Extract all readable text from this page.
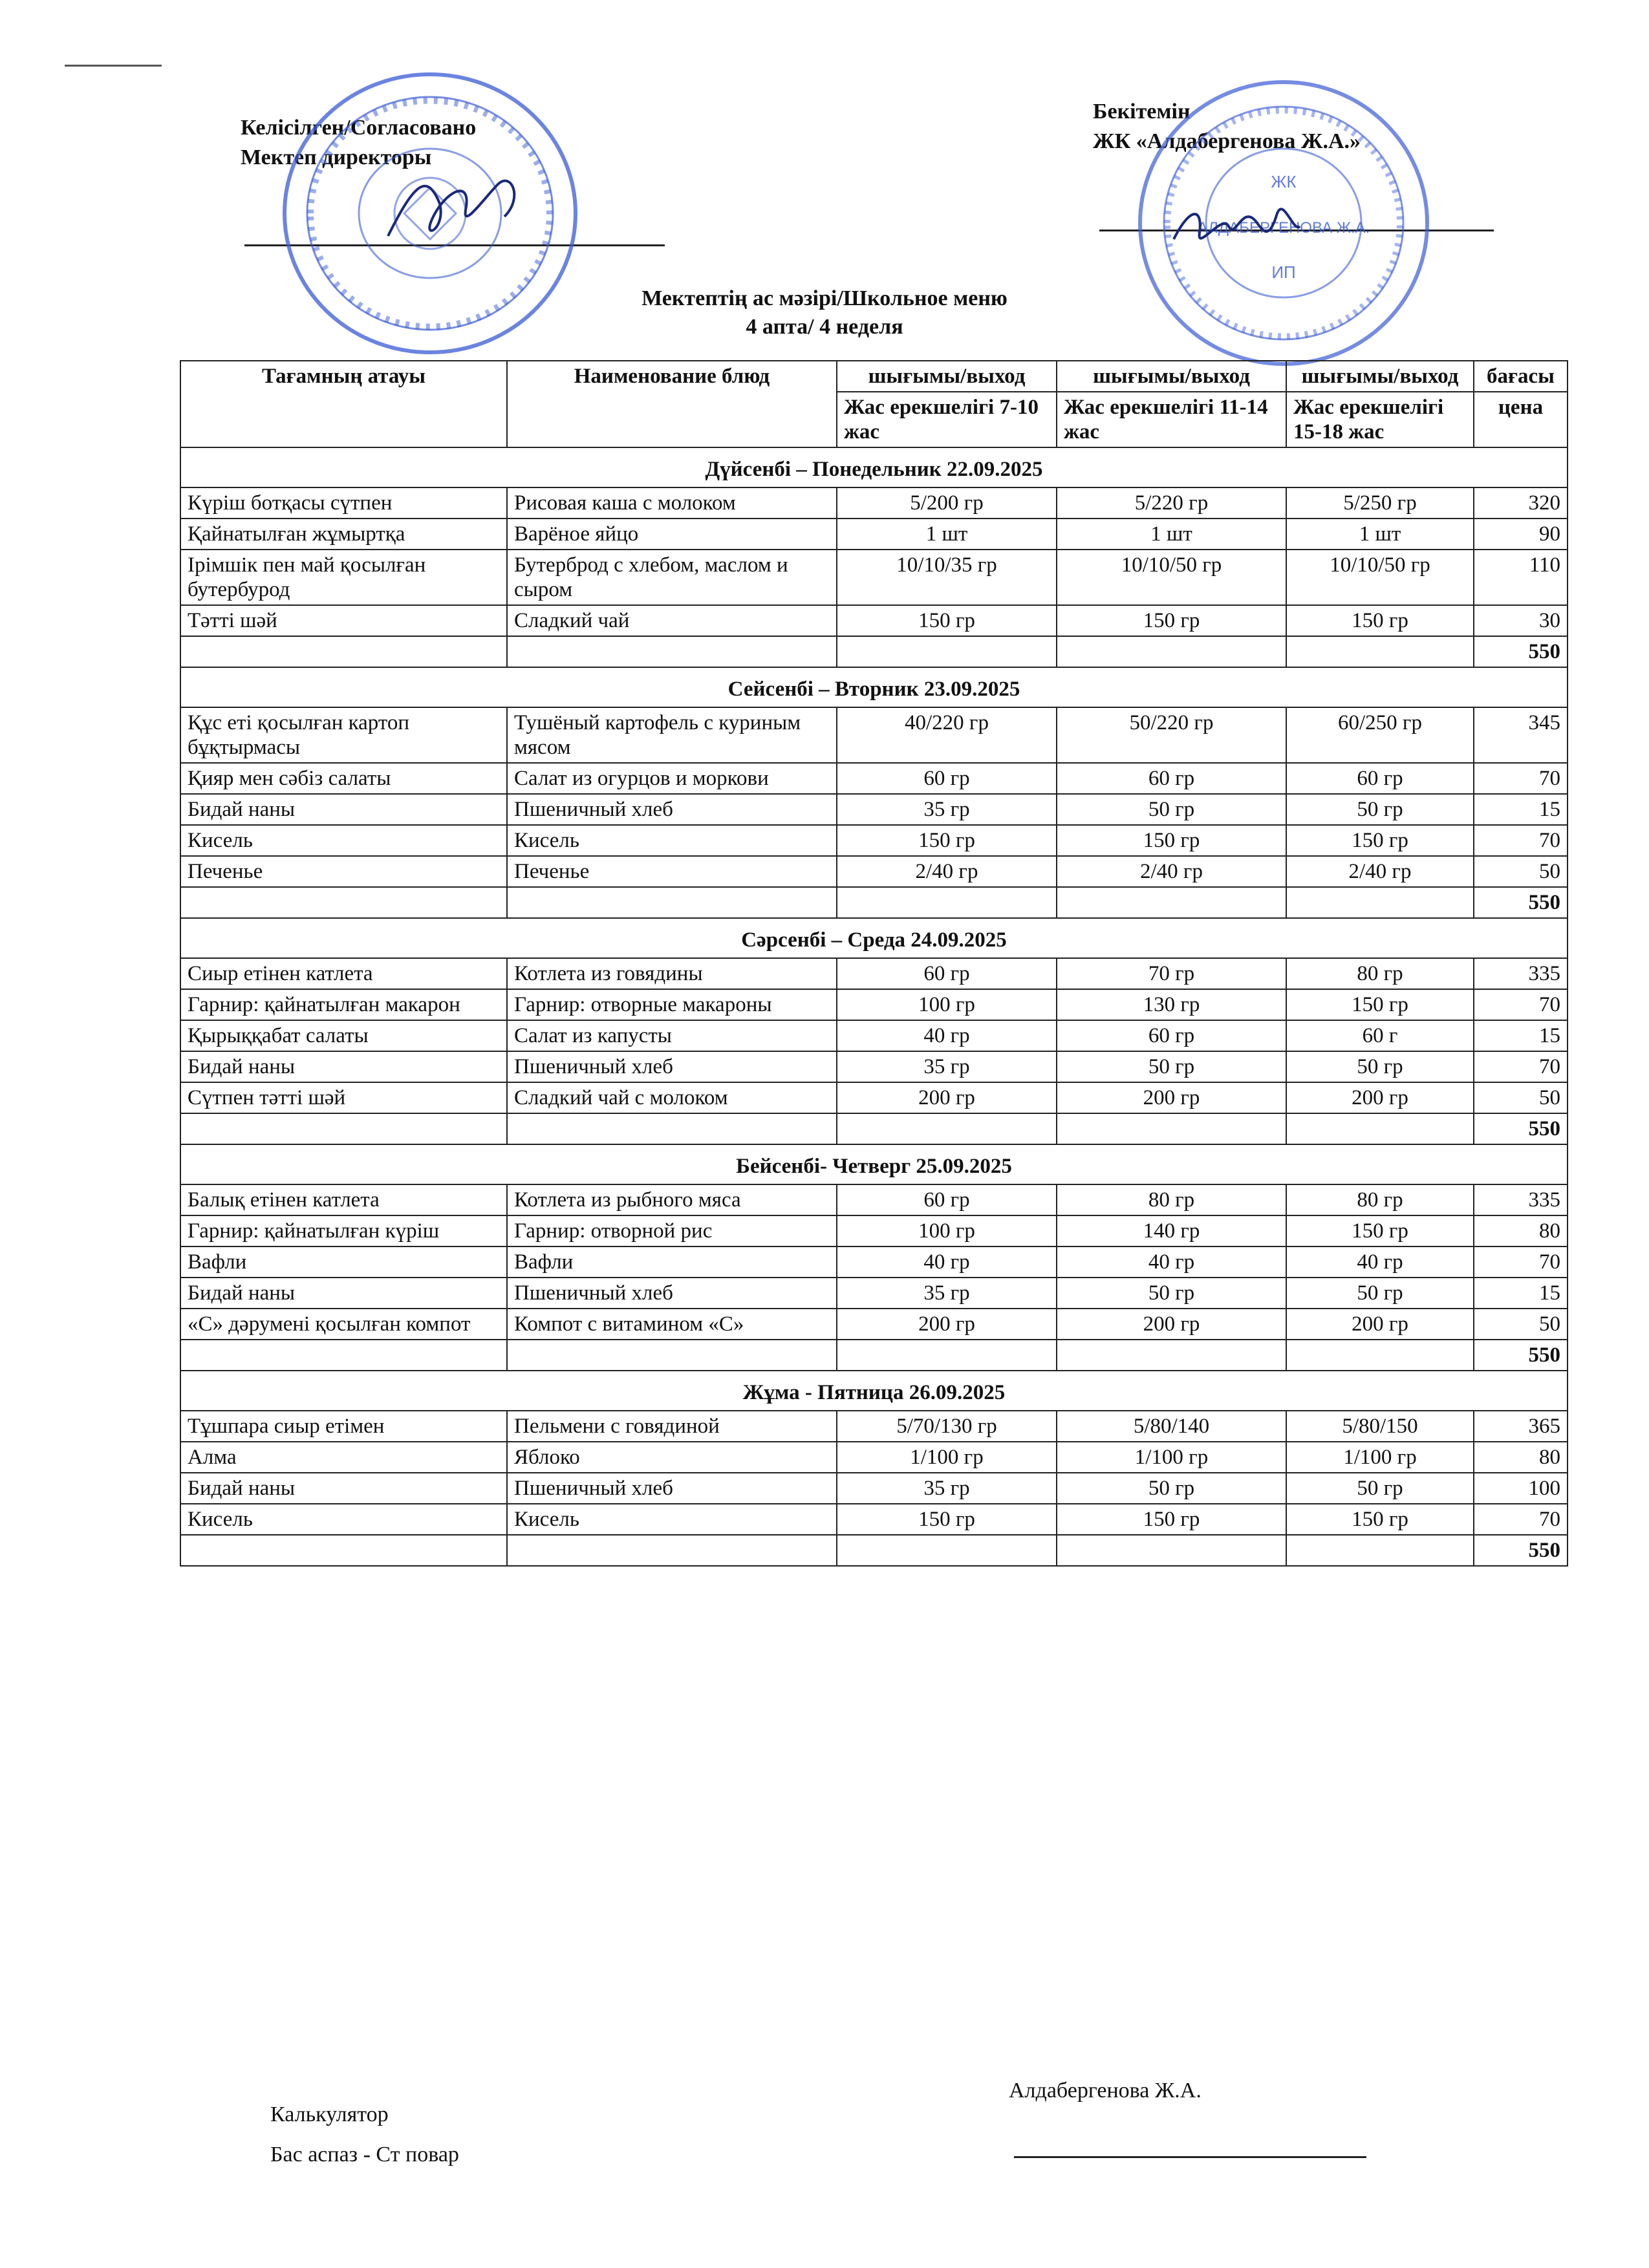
Келісілген/Согласовано
Мектеп директоры
Бекітемін
ЖК «Алдабергенова Ж.А.»
ЖК
АЛДАБЕРГЕНОВА Ж.А.
ИП
Мектептің ас мәзірі/Школьное меню
4 апта/ 4 неделя
Тағамның атауы	Наименование блюд	шығымы/выход	шығымы/выход	шығымы/выход	бағасы
		Жас ерекшелігі 7-10 жас	Жас ерекшелігі 11-14 жас	Жас ерекшелігі 15-18 жас	цена
Дүйсенбі – Понедельник 22.09.2025					
Күріш ботқасы сүтпен	Рисовая каша с молоком	5/200 гр	5/220 гр	5/250 гр	320
Қайнатылған жұмыртқа	Варёное яйцо	1 шт	1 шт	1 шт	90
Ірімшік пен май қосылған бутербурод	Бутерброд с хлебом, маслом и сыром	10/10/35 гр	10/10/50 гр	10/10/50 гр	110
Тәтті шәй	Сладкий чай	150 гр	150 гр	150 гр	30
					550
Сейсенбі – Вторник 23.09.2025					
Құс еті қосылған картоп бұқтырмасы	Тушёный картофель с куриным мясом	40/220 гр	50/220 гр	60/250 гр	345
Қияр мен сәбіз салаты	Салат из огурцов и моркови	60 гр	60 гр	60 гр	70
Бидай наны	Пшеничный хлеб	35 гр	50 гр	50 гр	15
Кисель	Кисель	150 гр	150 гр	150 гр	70
Печенье	Печенье	2/40 гр	2/40 гр	2/40 гр	50
					550
Сәрсенбі – Среда 24.09.2025					
Сиыр етінен катлета	Котлета из говядины	60 гр	70 гр	80 гр	335
Гарнир: қайнатылған макарон	Гарнир: отворные макароны	100 гр	130 гр	150 гр	70
Қырыққабат салаты	Салат из капусты	40 гр	60 гр	60 г	15
Бидай наны	Пшеничный хлеб	35 гр	50 гр	50 гр	70
Сүтпен тәтті шәй	Сладкий чай с молоком	200 гр	200 гр	200 гр	50
					550
Бейсенбі- Четверг 25.09.2025					
Балық етінен катлета	Котлета из рыбного мяса	60 гр	80 гр	80 гр	335
Гарнир: қайнатылған күріш	Гарнир: отворной рис	100 гр	140 гр	150 гр	80
Вафли	Вафли	40 гр	40 гр	40 гр	70
Бидай наны	Пшеничный хлеб	35 гр	50 гр	50 гр	15
«С» дәрумені қосылған компот	Компот с витамином «С»	200 гр	200 гр	200 гр	50
					550
Жұма - Пятница 26.09.2025					
Тұшпара сиыр етімен	Пельмени с говядиной	5/70/130 гр	5/80/140	5/80/150	365
Алма	Яблоко	1/100 гр	1/100 гр	1/100 гр	80
Бидай наны	Пшеничный хлеб	35 гр	50 гр	50 гр	100
Кисель	Кисель	150 гр	150 гр	150 гр	70
					550
Калькулятор
Бас аспаз - Ст повар
Алдабергенова Ж.А.
